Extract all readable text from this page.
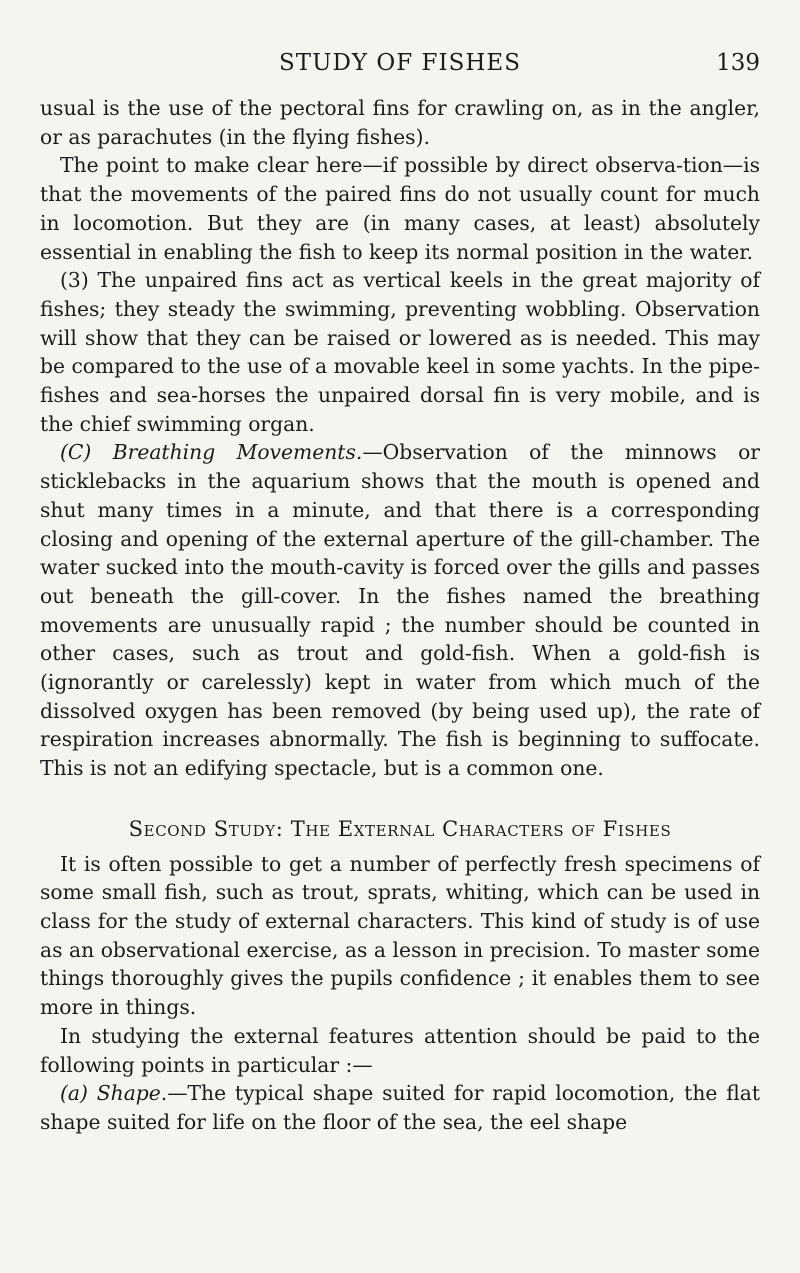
STUDY OF FISHES	139

usual is the use of the pectoral fins for crawling on, as in the angler, or as parachutes (in the flying fishes).

The point to make clear here—if possible by direct observa-tion—is that the movements of the paired fins do not usually count for much in locomotion. But they are (in many cases, at least) absolutely essential in enabling the fish to keep its normal position in the water.

(3) The unpaired fins act as vertical keels in the great majority of fishes; they steady the swimming, preventing wobbling. Observation will show that they can be raised or lowered as is needed. This may be compared to the use of a movable keel in some yachts. In the pipe-fishes and sea-horses the unpaired dorsal fin is very mobile, and is the chief swimming organ.

(C) Breathing Movements.—Observation of the minnows or sticklebacks in the aquarium shows that the mouth is opened and shut many times in a minute, and that there is a corresponding closing and opening of the external aperture of the gill-chamber. The water sucked into the mouth-cavity is forced over the gills and passes out beneath the gill-cover. In the fishes named the breathing movements are unusually rapid ; the number should be counted in other cases, such as trout and gold-fish. When a gold-fish is (ignorantly or carelessly) kept in water from which much of the dissolved oxygen has been removed (by being used up), the rate of respiration increases abnormally. The fish is beginning to suffocate. This is not an edifying spectacle, but is a common one.

Second Study: The External Characters of Fishes

It is often possible to get a number of perfectly fresh specimens of some small fish, such as trout, sprats, whiting, which can be used in class for the study of external characters. This kind of study is of use as an observational exercise, as a lesson in precision. To master some things thoroughly gives the pupils confidence ; it enables them to see more in things.

In studying the external features attention should be paid to the following points in particular :—

(a) Shape.—The typical shape suited for rapid locomotion, the flat shape suited for life on the floor of the sea, the eel shape
